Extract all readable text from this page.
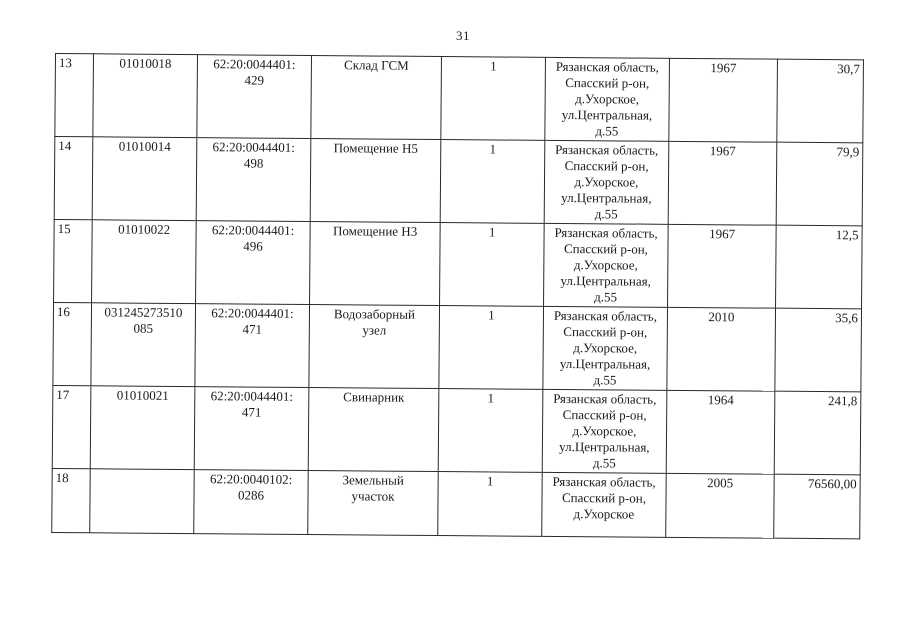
31
13	01010018	62:20:0044401:
429	Склад ГСМ	1	Рязанская область,
Спасский р-он,
д.Ухорское,
ул.Центральная,
д.55	1967	30,7
14	01010014	62:20:0044401:
498	Помещение Н5	1	Рязанская область,
Спасский р-он,
д.Ухорское,
ул.Центральная,
д.55	1967	79,9
15	01010022	62:20:0044401:
496	Помещение Н3	1	Рязанская область,
Спасский р-он,
д.Ухорское,
ул.Центральная,
д.55	1967	12,5
16	031245273510
085	62:20:0044401:
471	Водозаборный
узел	1	Рязанская область,
Спасский р-он,
д.Ухорское,
ул.Центральная,
д.55	2010	35,6
17	01010021	62:20:0044401:
471	Свинарник	1	Рязанская область,
Спасский р-он,
д.Ухорское,
ул.Центральная,
д.55	1964	241,8
18		62:20:0040102:
0286	Земельный
участок	1	Рязанская область,
Спасский р-он,
д.Ухорское	2005	76560,00
